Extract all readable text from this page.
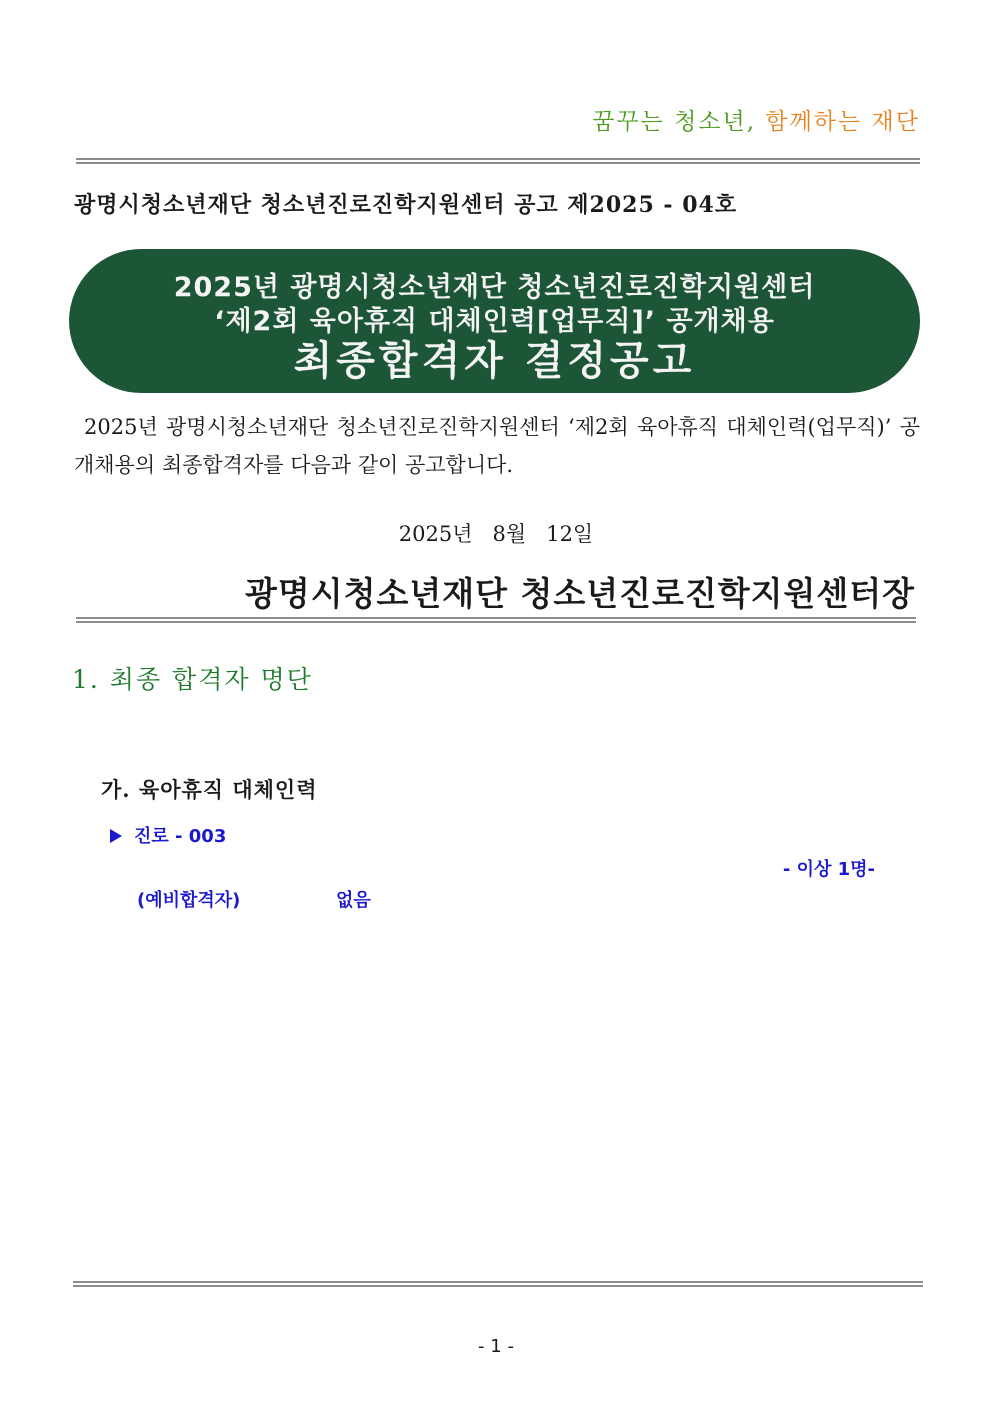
꿈꾸는 청소년, 함께하는 재단
광명시청소년재단 청소년진로진학지원센터 공고 제2025 - 04호
2025년 광명시청소년재단 청소년진로진학지원센터
‘제2회 육아휴직 대체인력[업무직]’ 공개채용
최종합격자 결정공고
2025년 광명시청소년재단 청소년진로진학지원센터 ‘제2회 육아휴직 대체인력(업무직)’ 공개채용의 최종합격자를 다음과 같이 공고합니다.
2025년   8월   12일
광명시청소년재단 청소년진로진학지원센터장
1. 최종 합격자 명단
가. 육아휴직 대체인력
진로 - 003
- 이상 1명-
(예비합격자)	없음
- 1 -
